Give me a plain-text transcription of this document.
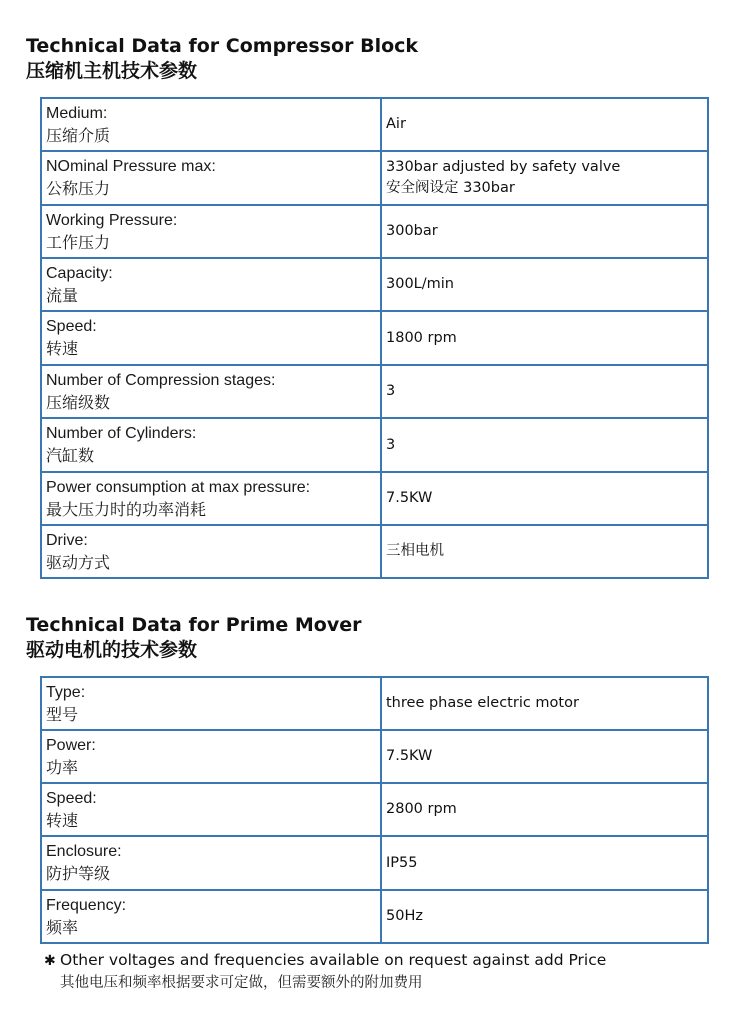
Technical Data for Compressor Block
压缩机主机技术参数
Medium:
压缩介质	Air

NOminal Pressure max:
公称压力	330bar adjusted by safety valve
安全阀设定 330bar

Working Pressure:
工作压力	300bar

Capacity:
流量	300L/min

Speed:
转速	1800 rpm

Number of Compression stages:
压缩级数	3

Number of Cylinders:
汽缸数	3

Power consumption at max pressure:
最大压力时的功率消耗	7.5KW

Drive:
驱动方式	三相电机
Technical Data for Prime Mover
驱动电机的技术参数
Type:
型号	three phase electric motor

Power:
功率	7.5KW

Speed:
转速	2800 rpm

Enclosure:
防护等级	IP55

Frequency:
频率	50Hz
✱ Other voltages and frequencies available on request against add Price
其他电压和频率根据要求可定做，但需要额外的附加费用
